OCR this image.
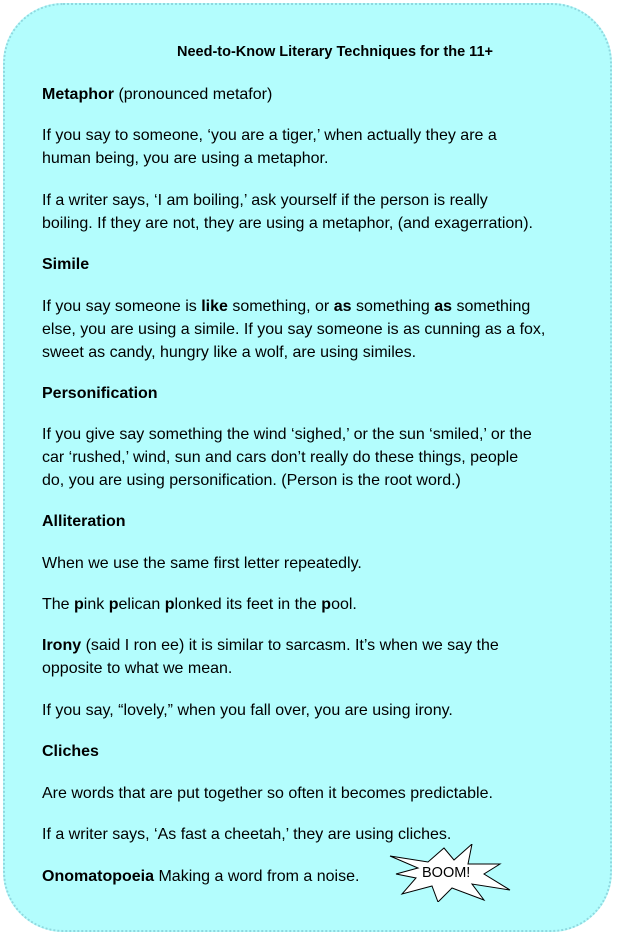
Need-to-Know Literary Techniques for the 11+
Metaphor (pronounced metafor)
If you say to someone, ‘you are a tiger,’ when actually they are a
human being, you are using a metaphor.
If a writer says, ‘I am boiling,’ ask yourself if the person is really
boiling. If they are not, they are using a metaphor, (and exagerration).
Simile
If you say someone is like something, or as something as something
else, you are using a simile. If you say someone is as cunning as a fox,
sweet as candy, hungry like a wolf, are using similes.
Personification
If you give say something the wind ‘sighed,’ or the sun ‘smiled,’ or the
car ‘rushed,’ wind, sun and cars don’t really do these things, people
do, you are using personification. (Person is the root word.)
Alliteration
When we use the same first letter repeatedly.
The pink pelican plonked its feet in the pool.
Irony (said I ron ee) it is similar to sarcasm. It’s when we say the
opposite to what we mean.
If you say, “lovely,” when you fall over, you are using irony.
Cliches
Are words that are put together so often it becomes predictable.
If a writer says, ‘As fast a cheetah,’ they are using cliches.
Onomatopoeia Making a word from a noise.	BOOM!
